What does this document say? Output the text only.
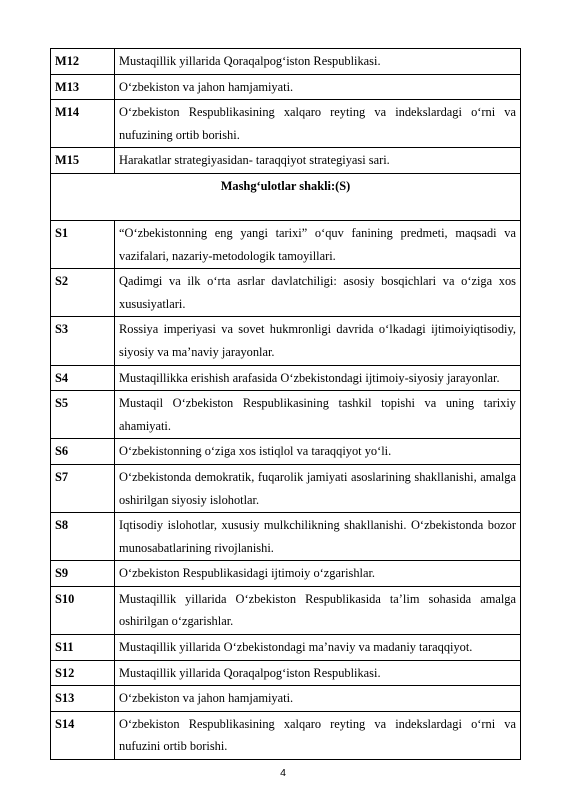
M12	Mustaqillik yillarida Qoraqalpog‘iston Respublikasi.
M13	O‘zbekiston va jahon hamjamiyati.
M14	O‘zbekiston Respublikasining xalqaro reyting va indekslardagi o‘rni va nufuzining ortib borishi.
M15	Harakatlar strategiyasidan- taraqqiyot strategiyasi sari.
Mashg‘ulotlar shakli:(S)	
S1	“O‘zbekistonning eng yangi tarixi” o‘quv fanining predmeti, maqsadi va vazifalari, nazariy-metodologik tamoyillari.
S2	Qadimgi va ilk o‘rta asrlar davlatchiligi: asosiy bosqichlari va o‘ziga xos xususiyatlari.
S3	Rossiya imperiyasi va sovet hukmronligi davrida o‘lkadagi ijtimoiyiqtisodiy, siyosiy va ma’naviy jarayonlar.
S4	Mustaqillikka erishish arafasida O‘zbekistondagi ijtimoiy-siyosiy jarayonlar.
S5	Mustaqil O‘zbekiston Respublikasining tashkil topishi va uning tarixiy ahamiyati.
S6	O‘zbekistonning o‘ziga xos istiqlol va taraqqiyot yo‘li.
S7	O‘zbekistonda demokratik, fuqarolik jamiyati asoslarining shakllanishi, amalga oshirilgan siyosiy islohotlar.
S8	Iqtisodiy islohotlar, xususiy mulkchilikning shakllanishi. O‘zbekistonda bozor munosabatlarining rivojlanishi.
S9	O‘zbekiston Respublikasidagi ijtimoiy o‘zgarishlar.
S10	Mustaqillik yillarida O‘zbekiston Respublikasida ta’lim sohasida amalga oshirilgan o‘zgarishlar.
S11	Mustaqillik yillarida O‘zbekistondagi ma’naviy va madaniy taraqqiyot.
S12	Mustaqillik yillarida Qoraqalpog‘iston Respublikasi.
S13	O‘zbekiston va jahon hamjamiyati.
S14	O‘zbekiston Respublikasining xalqaro reyting va indekslardagi o‘rni va nufuzini ortib borishi.
4
